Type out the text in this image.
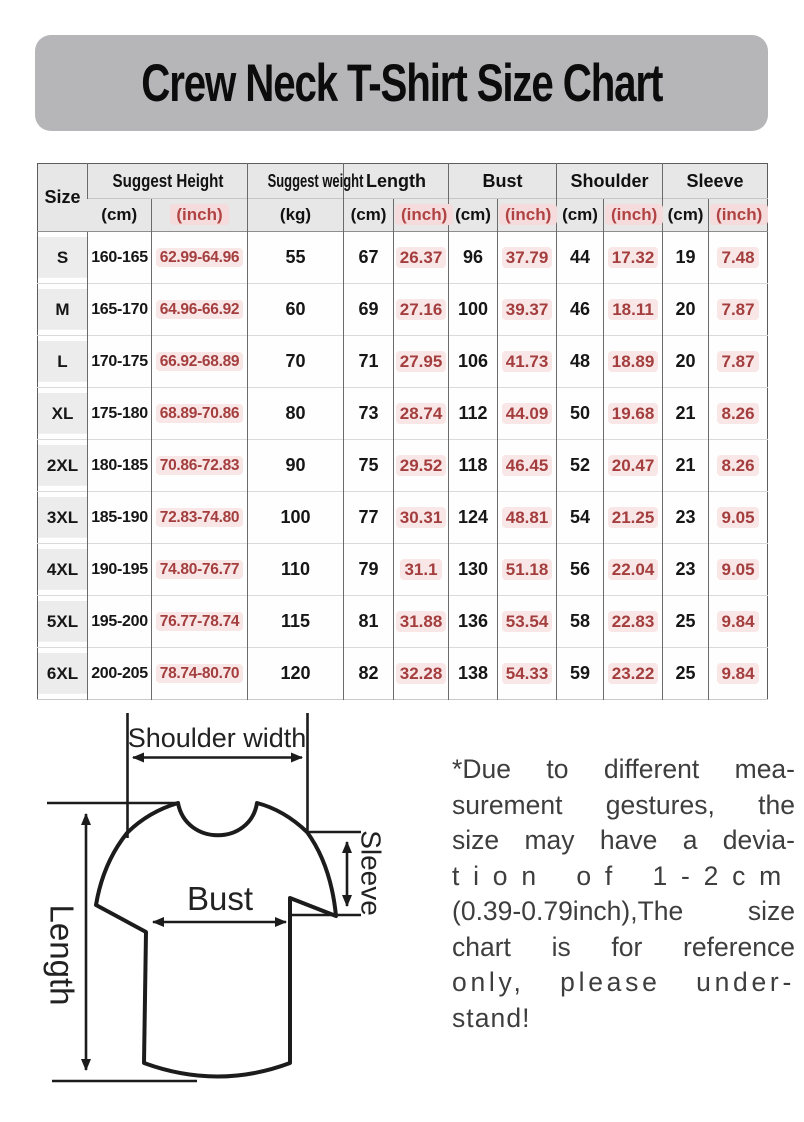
Crew Neck T-Shirt Size Chart
Size	Suggest Height		Suggest weight	Length		Bust		Shoulder		Sleeve	
	(cm)	(inch)	(kg)	(cm)	(inch)	(cm)	(inch)	(cm)	(inch)	(cm)	(inch)
S	160-165	62.99-64.96	55	67	26.37	96	37.79	44	17.32	19	7.48
M	165-170	64.96-66.92	60	69	27.16	100	39.37	46	18.11	20	7.87
L	170-175	66.92-68.89	70	71	27.95	106	41.73	48	18.89	20	7.87
XL	175-180	68.89-70.86	80	73	28.74	112	44.09	50	19.68	21	8.26
2XL	180-185	70.86-72.83	90	75	29.52	118	46.45	52	20.47	21	8.26
3XL	185-190	72.83-74.80	100	77	30.31	124	48.81	54	21.25	23	9.05
4XL	190-195	74.80-76.77	110	79	31.1	130	51.18	56	22.04	23	9.05
5XL	195-200	76.77-78.74	115	81	31.88	136	53.54	58	22.83	25	9.84
6XL	200-205	78.74-80.70	120	82	32.28	138	54.33	59	23.22	25	9.84
Shoulder width
Length
Bust	Sleeve
*Due to different mea-
surement gestures, the
size may have a devia-
tion of 1-2cm
(0.39-0.79inch),The size
chart is for reference
only, please under-
stand!
